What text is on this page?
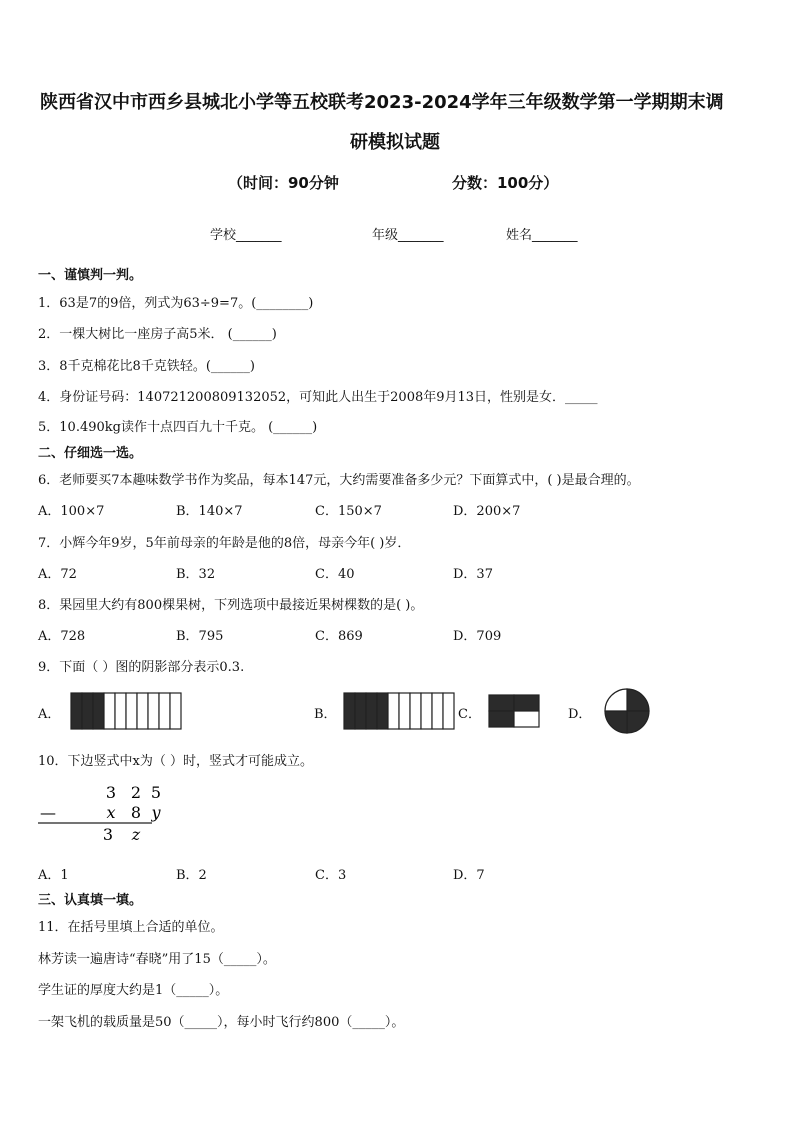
陕西省汉中市西乡县城北小学等五校联考2023-2024学年三年级数学第一学期期末调
研模拟试题
（时间：90分钟	分数：100分）
学校_______	年级_______	姓名_______
一、谨慎判一判。
1．63是7的9倍，列式为63÷9=7。(________)
2．一棵大树比一座房子高5米． (______)
3．8千克棉花比8千克铁轻。(______)
4．身份证号码：140721200809132052，可知此人出生于2008年9月13日，性别是女．_____
5．10.490kg读作十点四百九十千克。 (______)
二、仔细选一选。
6．老师要买7本趣味数学书作为奖品，每本147元，大约需要准备多少元？下面算式中，( )是最合理的。
A．100×7	B．140×7	C．150×7	D．200×7
7．小辉今年9岁，5年前母亲的年龄是他的8倍，母亲今年( )岁．
A．72	B．32	C．40	D．37
8．果园里大约有800棵果树，下列选项中最接近果树棵数的是( )。
A．728	B．795	C．869	D．709
9．下面（ ）图的阴影部分表示0.3.
A．	B．	C．	D．
10．下边竖式中x为（ ）时，竖式才可能成立。
3 2 5
—	x 8 y
3 z
A．1	B．2	C．3	D．7
三、认真填一填。
11．在括号里填上合适的单位。
林芳读一遍唐诗“春晓”用了15（_____）。
学生证的厚度大约是1（_____）。
一架飞机的载质量是50（_____），每小时飞行约800（_____）。
